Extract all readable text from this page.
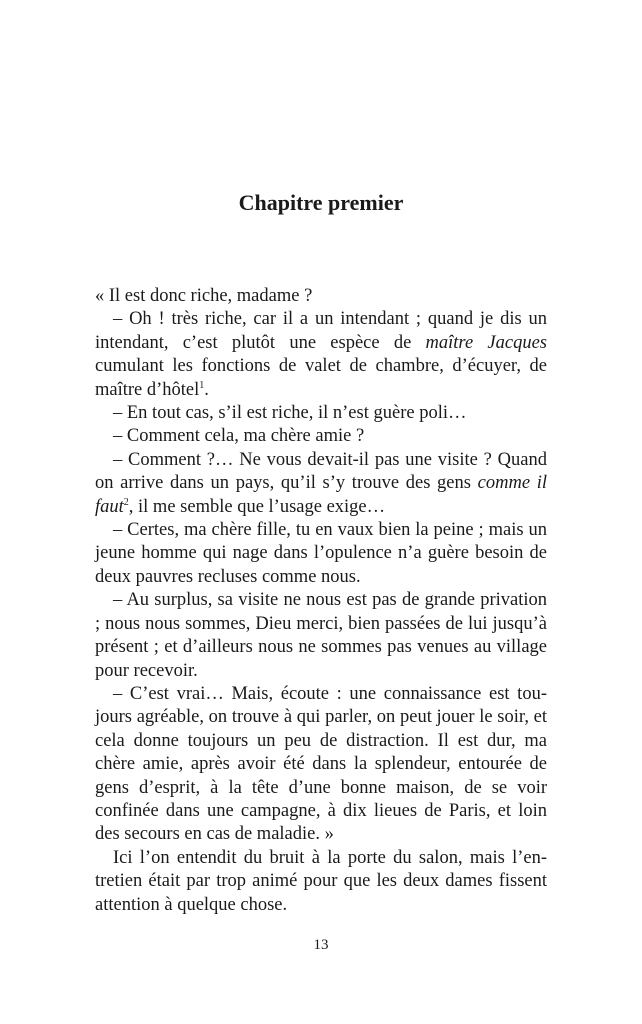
Chapitre premier

« Il est donc riche, madame ?

– Oh ! très riche, car il a un intendant ; quand je dis un intendant, c’est plutôt une espèce de maître Jacques cumulant les fonctions de valet de chambre, d’écuyer, de maître d’hôtel$^1$.

– En tout cas, s’il est riche, il n’est guère poli…

– Comment cela, ma chère amie ?

– Comment ?… Ne vous devait-il pas une visite ? Quand on arrive dans un pays, qu’il s’y trouve des gens comme il faut$^2$, il me semble que l’usage exige…

– Certes, ma chère fille, tu en vaux bien la peine ; mais un jeune homme qui nage dans l’opulence n’a guère besoin de deux pauvres recluses comme nous.

– Au surplus, sa visite ne nous est pas de grande privation ; nous nous sommes, Dieu merci, bien passées de lui jusqu’à présent ; et d’ailleurs nous ne sommes pas venues au village pour recevoir.

– C’est vrai… Mais, écoute : une connaissance est toujours agréable, on trouve à qui parler, on peut jouer le soir, et cela donne toujours un peu de distraction. Il est dur, ma chère amie, après avoir été dans la splendeur, entourée de gens d’esprit, à la tête d’une bonne maison, de se voir confinée dans une campagne, à dix lieues de Paris, et loin des secours en cas de maladie. »

Ici l’on entendit du bruit à la porte du salon, mais l’entretien était par trop animé pour que les deux dames fissent attention à quelque chose.

13
